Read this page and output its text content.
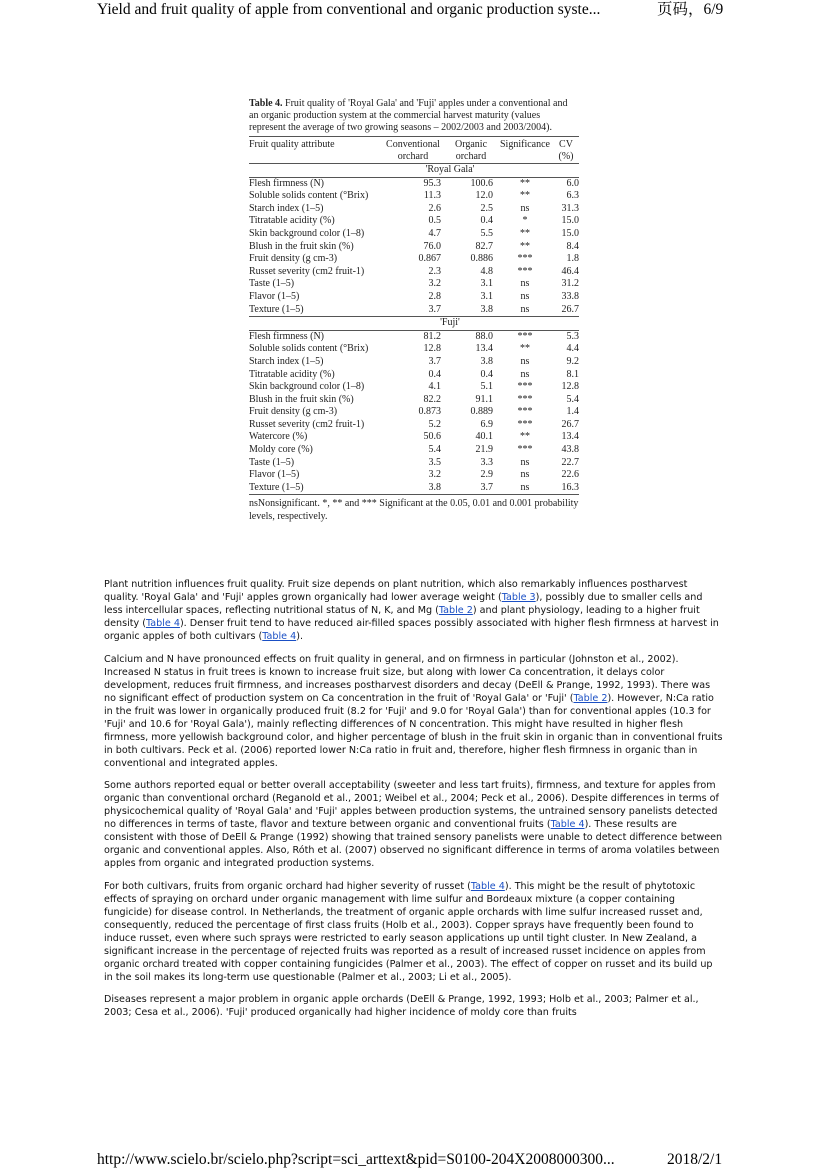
Yield and fruit quality of apple from conventional and organic production syste...	页码，6/9
Table 4. Fruit quality of 'Royal Gala' and 'Fuji' apples under a conventional and an organic production system at the commercial harvest maturity (values represent the average of two growing seasons – 2002/2003 and 2003/2004).
Fruit quality attribute	Conventional orchard	Organic orchard	Significance	CV (%)
'Royal Gala'				
Flesh firmness (N)	95.3	100.6	**	6.0
Soluble solids content (°Brix)	11.3	12.0	**	6.3
Starch index (1–5)	2.6	2.5	ns	31.3
Titratable acidity (%)	0.5	0.4	*	15.0
Skin background color (1–8)	4.7	5.5	**	15.0
Blush in the fruit skin (%)	76.0	82.7	**	8.4
Fruit density (g cm-3)	0.867	0.886	***	1.8
Russet severity (cm2 fruit-1)	2.3	4.8	***	46.4
Taste (1–5)	3.2	3.1	ns	31.2
Flavor (1–5)	2.8	3.1	ns	33.8
Texture (1–5)	3.7	3.8	ns	26.7
'Fuji'				
Flesh firmness (N)	81.2	88.0	***	5.3
Soluble solids content (°Brix)	12.8	13.4	**	4.4
Starch index (1–5)	3.7	3.8	ns	9.2
Titratable acidity (%)	0.4	0.4	ns	8.1
Skin background color (1–8)	4.1	5.1	***	12.8
Blush in the fruit skin (%)	82.2	91.1	***	5.4
Fruit density (g cm-3)	0.873	0.889	***	1.4
Russet severity (cm2 fruit-1)	5.2	6.9	***	26.7
Watercore (%)	50.6	40.1	**	13.4
Moldy core (%)	5.4	21.9	***	43.8
Taste (1–5)	3.5	3.3	ns	22.7
Flavor (1–5)	3.2	2.9	ns	22.6
Texture (1–5)	3.8	3.7	ns	16.3
nsNonsignificant. *, ** and *** Significant at the 0.05, 0.01 and 0.001 probability levels, respectively.

Plant nutrition influences fruit quality. Fruit size depends on plant nutrition, which also remarkably influences postharvest quality. 'Royal Gala' and 'Fuji' apples grown organically had lower average weight (Table 3), possibly due to smaller cells and less intercellular spaces, reflecting nutritional status of N, K, and Mg (Table 2) and plant physiology, leading to a higher fruit density (Table 4). Denser fruit tend to have reduced air-filled spaces possibly associated with higher flesh firmness at harvest in organic apples of both cultivars (Table 4).

Calcium and N have pronounced effects on fruit quality in general, and on firmness in particular (Johnston et al., 2002). Increased N status in fruit trees is known to increase fruit size, but along with lower Ca concentration, it delays color development, reduces fruit firmness, and increases postharvest disorders and decay (DeEll & Prange, 1992, 1993). There was no significant effect of production system on Ca concentration in the fruit of 'Royal Gala' or 'Fuji' (Table 2). However, N:Ca ratio in the fruit was lower in organically produced fruit (8.2 for 'Fuji' and 9.0 for 'Royal Gala') than for conventional apples (10.3 for 'Fuji' and 10.6 for 'Royal Gala'), mainly reflecting differences of N concentration. This might have resulted in higher flesh firmness, more yellowish background color, and higher percentage of blush in the fruit skin in organic than in conventional fruits in both cultivars. Peck et al. (2006) reported lower N:Ca ratio in fruit and, therefore, higher flesh firmness in organic than in conventional and integrated apples.

Some authors reported equal or better overall acceptability (sweeter and less tart fruits), firmness, and texture for apples from organic than conventional orchard (Reganold et al., 2001; Weibel et al., 2004; Peck et al., 2006). Despite differences in terms of physicochemical quality of 'Royal Gala' and 'Fuji' apples between production systems, the untrained sensory panelists detected no differences in terms of taste, flavor and texture between organic and conventional fruits (Table 4). These results are consistent with those of DeEll & Prange (1992) showing that trained sensory panelists were unable to detect difference between organic and conventional apples. Also, Róth et al. (2007) observed no significant difference in terms of aroma volatiles between apples from organic and integrated production systems.

For both cultivars, fruits from organic orchard had higher severity of russet (Table 4). This might be the result of phytotoxic effects of spraying on orchard under organic management with lime sulfur and Bordeaux mixture (a copper containing fungicide) for disease control. In Netherlands, the treatment of organic apple orchards with lime sulfur increased russet and, consequently, reduced the percentage of first class fruits (Holb et al., 2003). Copper sprays have frequently been found to induce russet, even where such sprays were restricted to early season applications up until tight cluster. In New Zealand, a significant increase in the percentage of rejected fruits was reported as a result of increased russet incidence on apples from organic orchard treated with copper containing fungicides (Palmer et al., 2003). The effect of copper on russet and its build up in the soil makes its long-term use questionable (Palmer et al., 2003; Li et al., 2005).

Diseases represent a major problem in organic apple orchards (DeEll & Prange, 1992, 1993; Holb et al., 2003; Palmer et al., 2003; Cesa et al., 2006). 'Fuji' produced organically had higher incidence of moldy core than fruits

http://www.scielo.br/scielo.php?script=sci_arttext&pid=S0100-204X2008000300...	2018/2/1
